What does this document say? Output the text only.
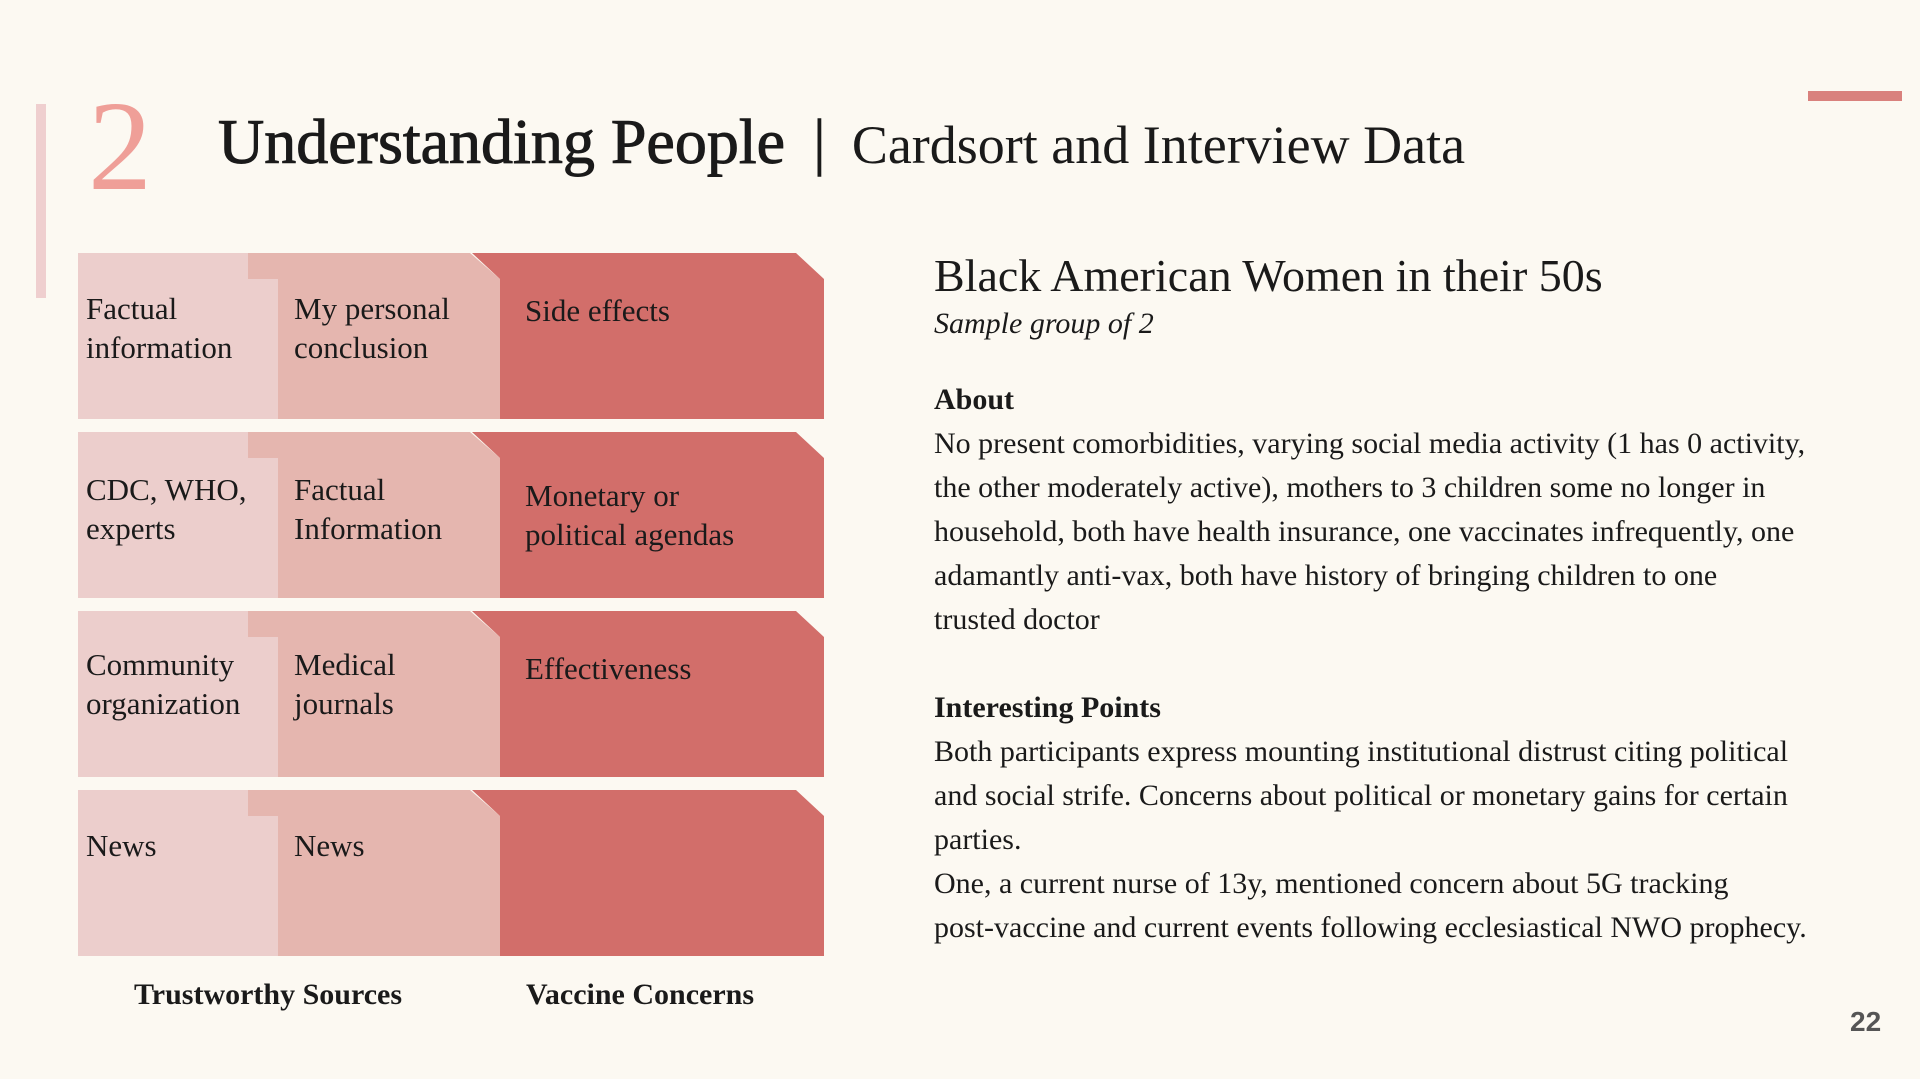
2 Understanding People | Cardsort and Interview Data
Factual
information
My personal
conclusion
Side effects
CDC, WHO,
experts
Factual
Information
Monetary or
political agendas
Community
organization
Medical
journals
Effectiveness
News	News
Trustworthy Sources	Vaccine Concerns
Black American Women in their 50s
Sample group of 2
About
No present comorbidities, varying social media activity (1 has 0 activity,
the other moderately active), mothers to 3 children some no longer in
household, both have health insurance, one vaccinates infrequently, one
adamantly anti-vax, both have history of bringing children to one
trusted doctor
Interesting Points
Both participants express mounting institutional distrust citing political
and social strife. Concerns about political or monetary gains for certain
parties.
One, a current nurse of 13y, mentioned concern about 5G tracking
post-vaccine and current events following ecclesiastical NWO prophecy.
22
